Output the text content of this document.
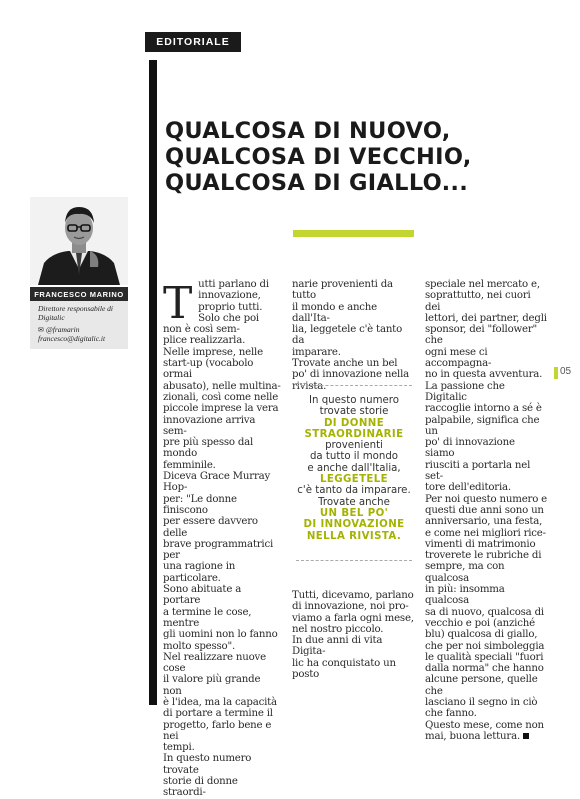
EDITORIALE
QUALCOSA DI NUOVO,
QUALCOSA DI VECCHIO,
QUALCOSA DI GIALLO...
FRANCESCO MARINO
Direttore responsabile di Digitalic
✉︎ @framarin
francesco@digitalic.it
T utti parlano di

innovazione,

proprio tutti.

Solo che poi

non è così sem-

plice realizzarla.

Nelle imprese, nelle

start-up (vocabolo ormai

abusato), nelle multina-

zionali, così come nelle

piccole imprese la vera

innovazione arriva sem-

pre più spesso dal mondo

femminile.

Diceva Grace Murray Hop-

per: "Le donne finiscono

per essere davvero delle

brave programmatrici per

una ragione in particolare.

Sono abituate a portare

a termine le cose, mentre

gli uomini non lo fanno

molto spesso".

Nel realizzare nuove cose

il valore più grande non

è l'idea, ma la capacità

di portare a termine il

progetto, farlo bene e nei

tempi.

In questo numero trovate

storie di donne straordi-

narie provenienti da tutto

il mondo e anche dall'Ita-

lia, leggetele c'è tanto da

imparare.

Trovate anche un bel

po' di innovazione nella

rivista.

In questo numero

trovate storie

DI DONNE

STRAORDINARIE

provenienti

da tutto il mondo

e anche dall'Italia,

LEGGETELE

c'è tanto da imparare.

Trovate anche

UN BEL PO'

DI INNOVAZIONE

NELLA RIVISTA.

Tutti, dicevamo, parlano

di innovazione, noi pro-

viamo a farla ogni mese,

nel nostro piccolo.

In due anni di vita Digita-

lic ha conquistato un posto

speciale nel mercato e,

soprattutto, nei cuori dei

lettori, dei partner, degli

sponsor, dei "follower" che

ogni mese ci accompagna-

no in questa avventura.

La passione che Digitalic

raccoglie intorno a sé è

palpabile, significa che un

po' di innovazione siamo

riusciti a portarla nel set-

tore dell'editoria.

Per noi questo numero e

questi due anni sono un

anniversario, una festa,

e come nei migliori rice-

vimenti di matrimonio

troverete le rubriche di

sempre, ma con qualcosa

in più: insomma qualcosa

sa di nuovo, qualcosa di

vecchio e poi (anziché

blu) qualcosa di giallo,

che per noi simboleggia

le qualità speciali "fuori

dalla norma" che hanno

alcune persone, quelle che

lasciano il segno in ciò

che fanno.

Questo mese, come non

mai, buona lettura.

05
